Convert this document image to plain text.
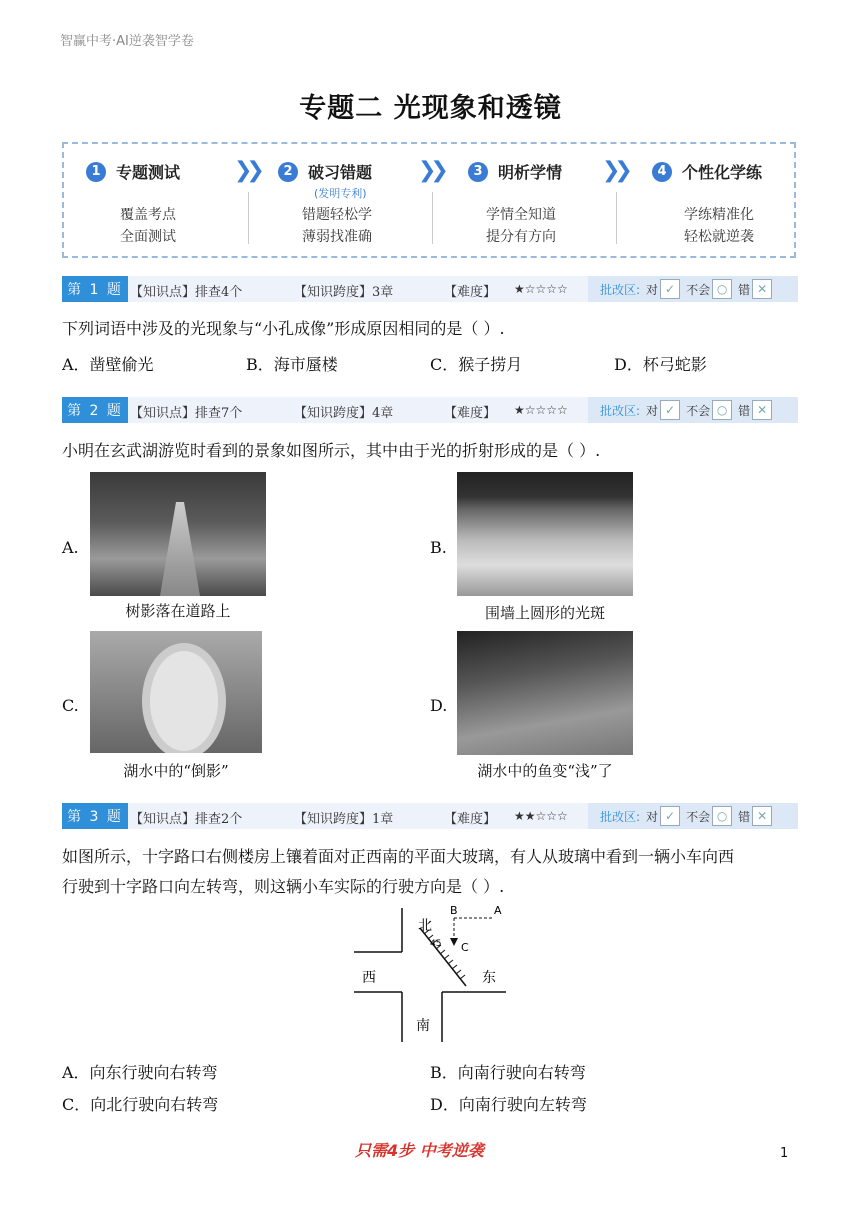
智赢中考·AI逆袭智学卷
专题二 光现象和透镜
1 专题测试
覆盖考点
全面测试
❯❯	2 破习错题
(发明专利)
错题轻松学
薄弱找准确
❯❯	3 明析学情
学情全知道
提分有方向
❯❯	4 个性化学练
学练精准化
轻松就逆袭
第 1 题 【知识点】排查4个	【知识跨度】3章	【难度】 ★☆☆☆☆	批改区: 对 ✓ 不会 ○ 错 ✕
下列词语中涉及的光现象与“小孔成像”形成原因相同的是（ ）.
A．凿壁偷光	B．海市蜃楼	C．猴子捞月	D．杯弓蛇影
第 2 题 【知识点】排查7个	【知识跨度】4章	【难度】 ★☆☆☆☆	批改区: 对 ✓ 不会 ○ 错 ✕
小明在玄武湖游览时看到的景象如图所示，其中由于光的折射形成的是（ ）.
A.
树影落在道路上
B.
围墙上圆形的光斑
C.
湖水中的“倒影”
D.
湖水中的鱼变“浅”了
第 3 题 【知识点】排查2个	【知识跨度】1章	【难度】 ★★☆☆☆	批改区: 对 ✓ 不会 ○ 错 ✕
如图所示，十字路口右侧楼房上镶着面对正西南的平面大玻璃，有人从玻璃中看到一辆小车向西
行驶到十字路口向左转弯，则这辆小车实际的行驶方向是（ ）.
北
45
B	A
C
西	东
南
A．向东行驶向右转弯	B．向南行驶向右转弯
C．向北行驶向右转弯	D．向南行驶向左转弯
只需4步 中考逆袭	1
